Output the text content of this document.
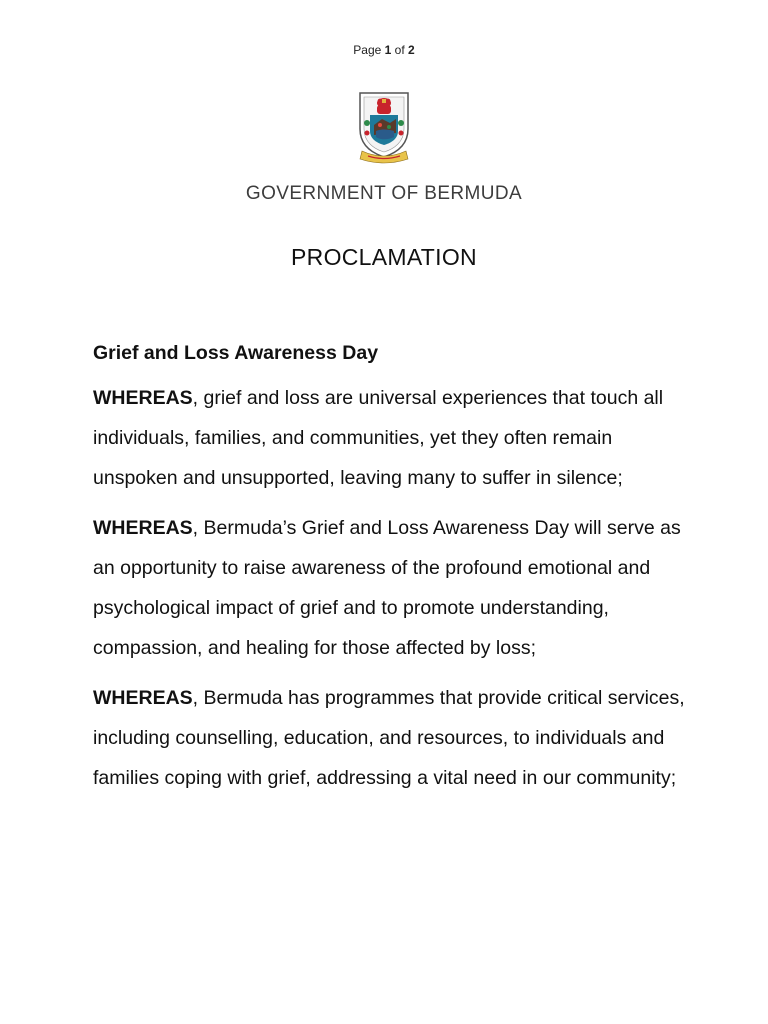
Page 1 of 2
GOVERNMENT OF BERMUDA
PROCLAMATION
Grief and Loss Awareness Day

WHEREAS, grief and loss are universal experiences that touch all individuals, families, and communities, yet they often remain unspoken and unsupported, leaving many to suffer in silence;

WHEREAS, Bermuda’s Grief and Loss Awareness Day will serve as an opportunity to raise awareness of the profound emotional and psychological impact of grief and to promote understanding, compassion, and healing for those affected by loss;

WHEREAS, Bermuda has programmes that provide critical services, including counselling, education, and resources, to individuals and families coping with grief, addressing a vital need in our community;
